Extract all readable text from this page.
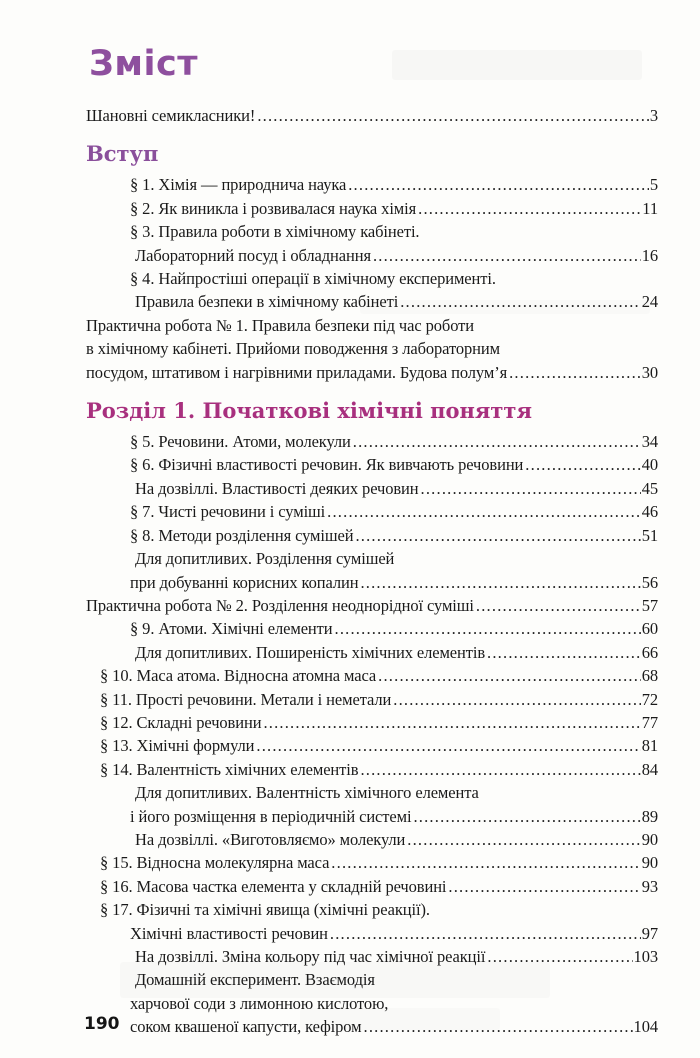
Зміст
Шановні семикласники! .....	3
Вступ
§ 1. Хімія — природнича наука .....	5
§ 2. Як виникла і розвивалася наука хімія .....	11
§ 3. Правила роботи в хімічному кабінеті.
Лабораторний посуд і обладнання .....	16
§ 4. Найпростіші операції в хімічному експерименті.
Правила безпеки в хімічному кабінеті .....	24
Практична робота № 1. Правила безпеки під час роботи
в хімічному кабінеті. Прийоми поводження з лабораторним
посудом, штативом і нагрівними приладами. Будова полум’я .....	30
Розділ 1. Початкові хімічні поняття
§ 5. Речовини. Атоми, молекули .....	34
§ 6. Фізичні властивості речовин. Як вивчають речовини .....	40
На дозвіллі. Властивості деяких речовин .....	45
§ 7. Чисті речовини і суміші .....	46
§ 8. Методи розділення сумішей .....	51
Для допитливих. Розділення сумішей
при добуванні корисних копалин .....	56
Практична робота № 2. Розділення неоднорідної суміші .....	57
§ 9. Атоми. Хімічні елементи .....	60
Для допитливих. Поширеність хімічних елементів .....	66
§ 10. Маса атома. Відносна атомна маса .....	68
§ 11. Прості речовини. Метали і неметали .....	72
§ 12. Складні речовини .....	77
§ 13. Хімічні формули .....	81
§ 14. Валентність хімічних елементів .....	84
Для допитливих. Валентність хімічного елемента
і його розміщення в періодичній системі .....	89
На дозвіллі. «Виготовляємо» молекули .....	90
§ 15. Відносна молекулярна маса .....	90
§ 16. Масова частка елемента у складній речовині .....	93
§ 17. Фізичні та хімічні явища (хімічні реакції).
Хімічні властивості речовин .....	97
На дозвіллі. Зміна кольору під час хімічної реакції .....	103
Домашній експеримент. Взаємодія
харчової соди з лимонною кислотою,
соком квашеної капусти, кефіром .....	104
190
